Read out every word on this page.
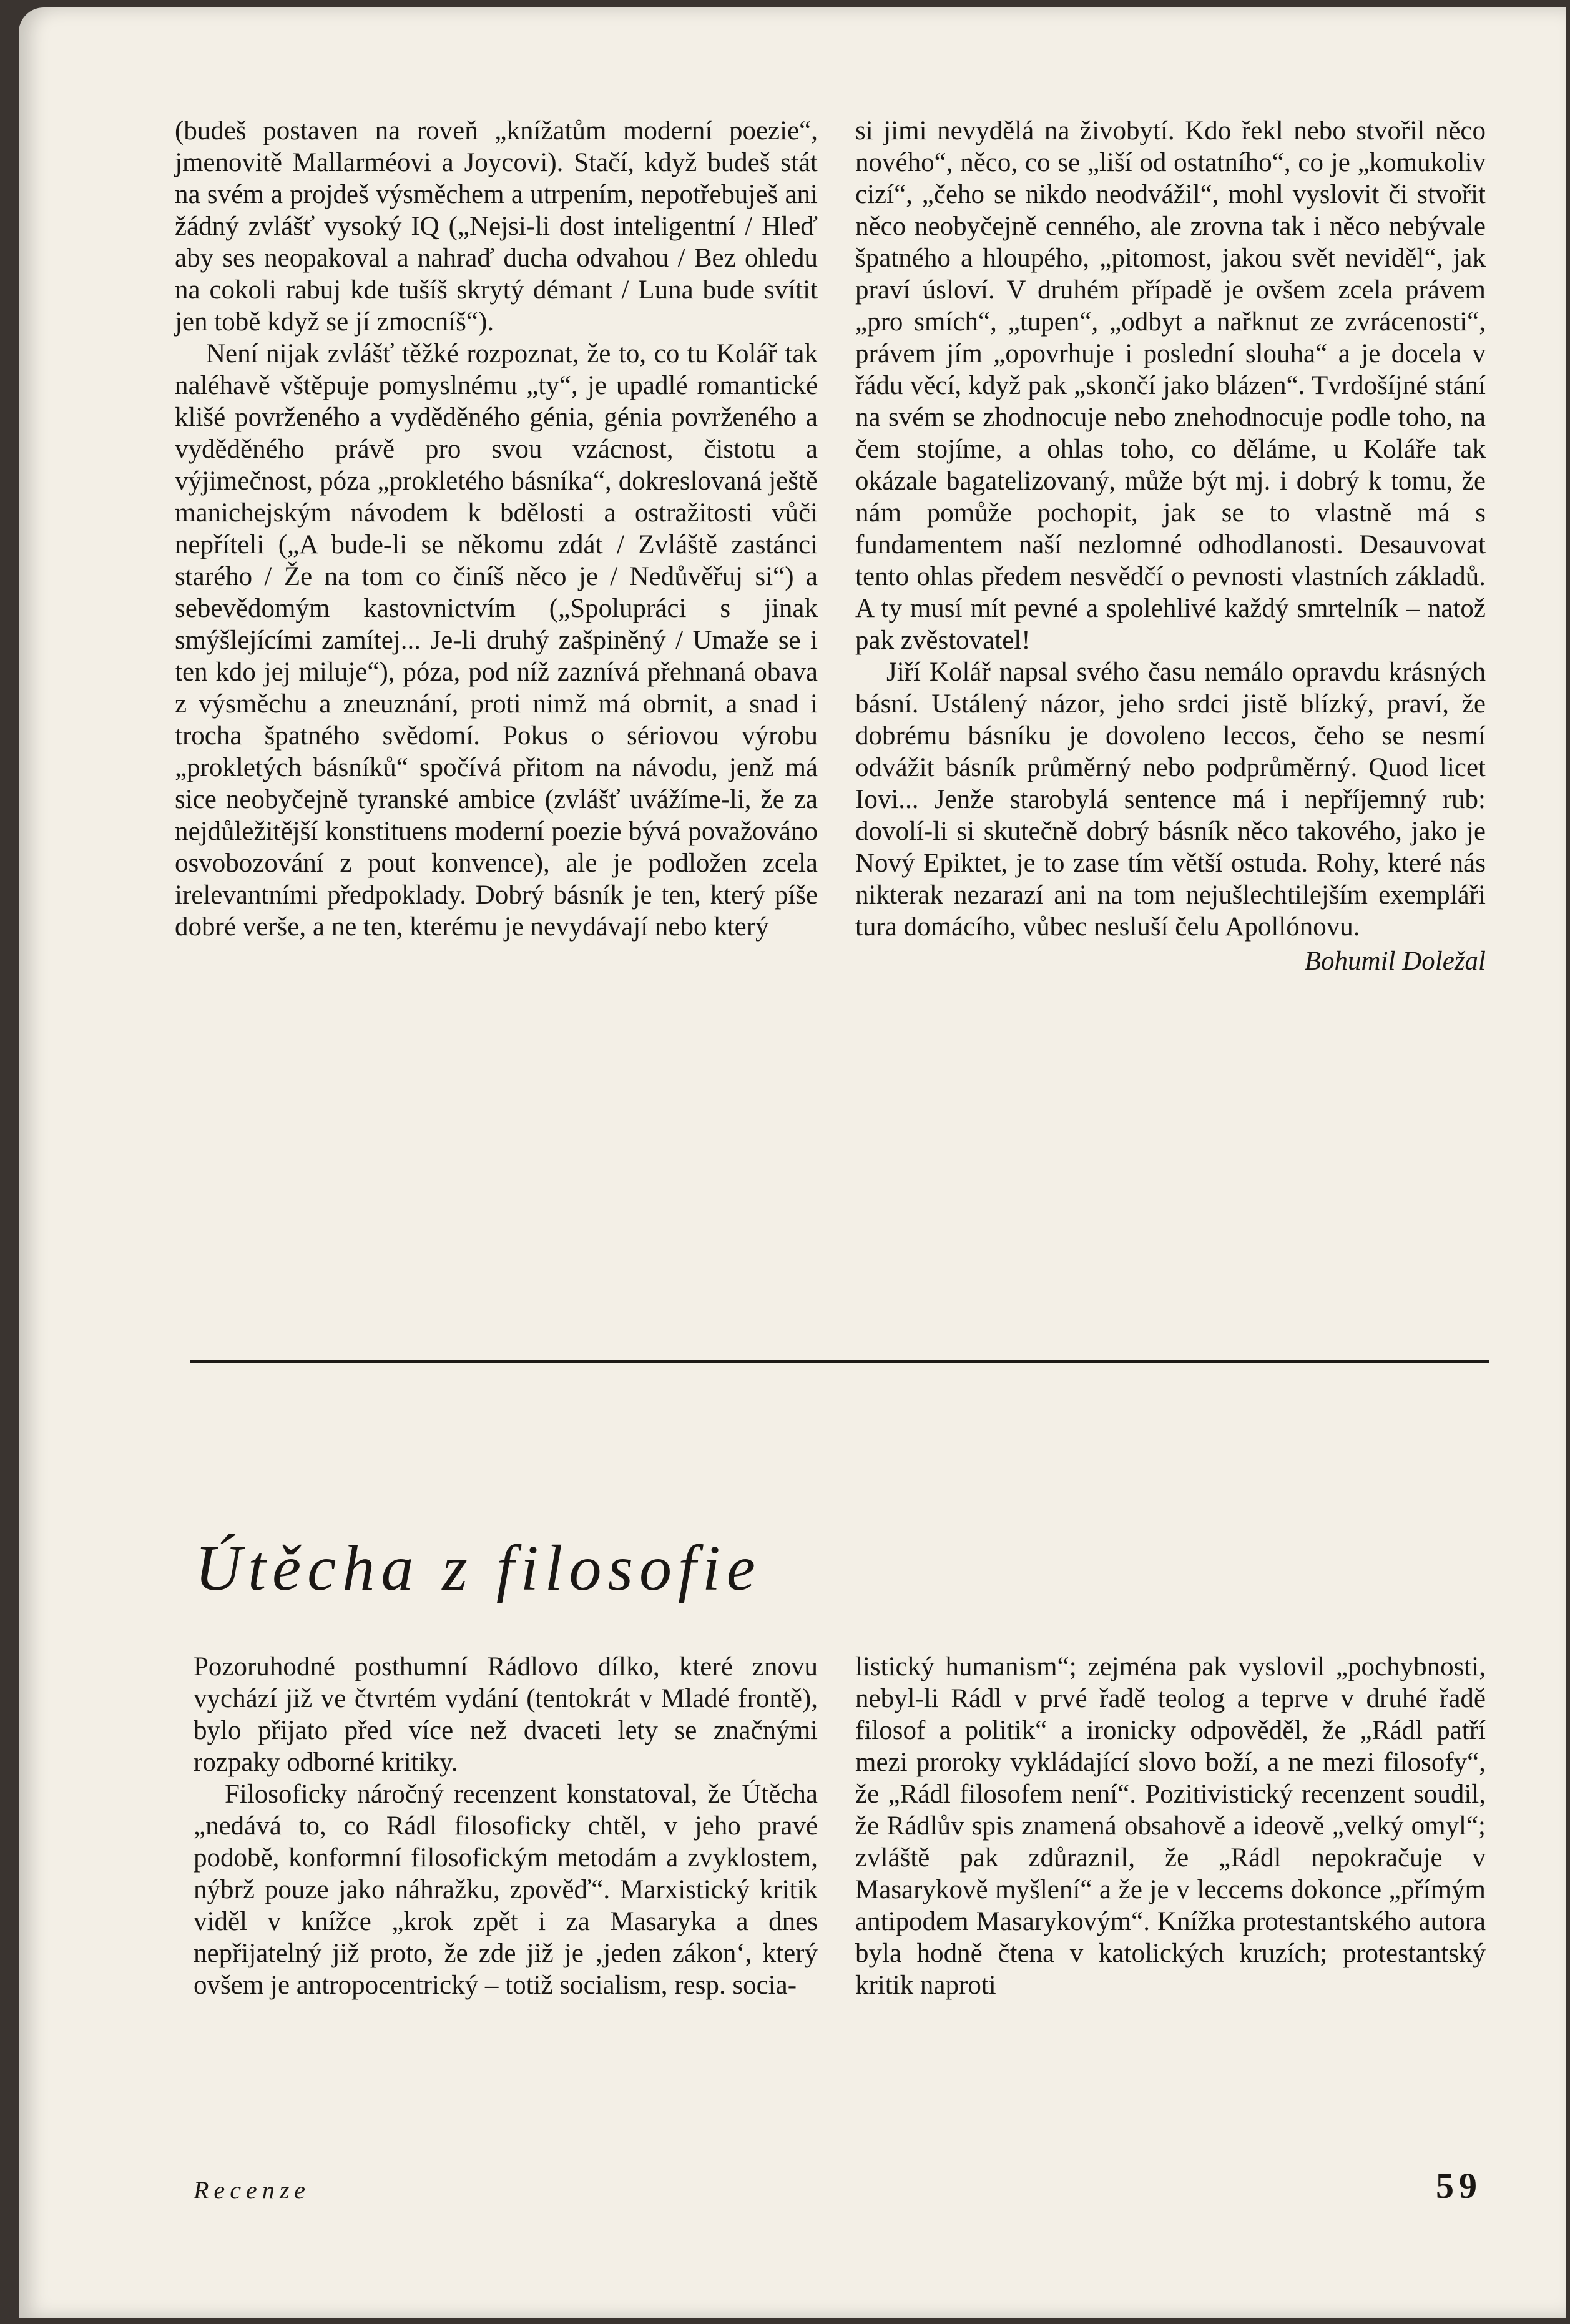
(budeš postaven na roveň „knížatům moderní poezie“, jmenovitě Mallarméovi a Joycovi). Stačí, když budeš stát na svém a projdeš výsměchem a utrpením, nepotřebuješ ani žádný zvlášť vysoký IQ („Nejsi-li dost inteligentní / Hleď aby ses neopakoval a nahraď ducha odvahou / Bez ohledu na cokoli rabuj kde tušíš skrytý démant / Luna bude svítit jen tobě když se jí zmocníš“).

Není nijak zvlášť těžké rozpoznat, že to, co tu Kolář tak naléhavě vštěpuje pomyslnému „ty“, je upadlé romantické klišé povrženého a vyděděného génia, génia povrženého a vyděděného právě pro svou vzácnost, čistotu a výjimečnost, póza „prokletého básníka“, dokreslovaná ještě manichejským návodem k bdělosti a ostražitosti vůči nepříteli („A bude-li se někomu zdát / Zvláště zastánci starého / Že na tom co činíš něco je / Nedůvěřuj si“) a sebevědomým kastovnictvím („Spolupráci s jinak smýšlejícími zamítej... Je-li druhý zašpiněný / Umaže se i ten kdo jej miluje“), póza, pod níž zaznívá přehnaná obava z výsměchu a zneuznání, proti nimž má obrnit, a snad i trocha špatného svědomí. Pokus o sériovou výrobu „prokletých básníků“ spočívá přitom na návodu, jenž má sice neobyčejně tyranské ambice (zvlášť uvážíme-li, že za nejdůležitější konstituens moderní poezie bývá považováno osvobozování z pout konvence), ale je podložen zcela irelevantními předpoklady. Dobrý básník je ten, který píše dobré verše, a ne ten, kterému je nevydávají nebo který

si jimi nevydělá na živobytí. Kdo řekl nebo stvořil něco nového“, něco, co se „liší od ostatního“, co je „komukoliv cizí“, „čeho se nikdo neodvážil“, mohl vyslovit či stvořit něco neobyčejně cenného, ale zrovna tak i něco nebývale špatného a hloupého, „pitomost, jakou svět neviděl“, jak praví úsloví. V druhém případě je ovšem zcela právem „pro smích“, „tupen“, „odbyt a nařknut ze zvrácenosti“, právem jím „opovrhuje i poslední slouha“ a je docela v řádu věcí, když pak „skončí jako blázen“. Tvrdošíjné stání na svém se zhodnocuje nebo znehodnocuje podle toho, na čem stojíme, a ohlas toho, co děláme, u Koláře tak okázale bagatelizovaný, může být mj. i dobrý k tomu, že nám pomůže pochopit, jak se to vlastně má s fundamentem naší nezlomné odhodlanosti. Desauvovat tento ohlas předem nesvědčí o pevnosti vlastních základů. A ty musí mít pevné a spolehlivé každý smrtelník – natož pak zvěstovatel!

Jiří Kolář napsal svého času nemálo opravdu krásných básní. Ustálený názor, jeho srdci jistě blízký, praví, že dobrému básníku je dovoleno leccos, čeho se nesmí odvážit básník průměrný nebo podprůměrný. Quod licet Iovi... Jenže starobylá sentence má i nepříjemný rub: dovolí-li si skutečně dobrý básník něco takového, jako je Nový Epiktet, je to zase tím větší ostuda. Rohy, které nás nikterak nezarazí ani na tom nejušlechtilejším exempláři tura domácího, vůbec nesluší čelu Apollónovu.

Bohumil Doležal
Útěcha z filosofie

Pozoruhodné posthumní Rádlovo dílko, které znovu vychází již ve čtvrtém vydání (tentokrát v Mladé frontě), bylo přijato před více než dvaceti lety se značnými rozpaky odborné kritiky.

Filosoficky náročný recenzent konstatoval, že Útěcha „nedává to, co Rádl filosoficky chtěl, v jeho pravé podobě, konformní filosofickým metodám a zvyklostem, nýbrž pouze jako náhražku, zpověď“. Marxistický kritik viděl v knížce „krok zpět i za Masaryka a dnes nepřijatelný již proto, že zde již je ‚jeden zákon‘, který ovšem je antropocentrický – totiž socialism, resp. socia-

listický humanism“; zejména pak vyslovil „pochybnosti, nebyl-li Rádl v prvé řadě teolog a teprve v druhé řadě filosof a politik“ a ironicky odpověděl, že „Rádl patří mezi proroky vykládající slovo boží, a ne mezi filosofy“, že „Rádl filosofem není“. Pozitivistický recenzent soudil, že Rádlův spis znamená obsahově a ideově „velký omyl“; zvláště pak zdůraznil, že „Rádl nepokračuje v Masarykově myšlení“ a že je v leccems dokonce „přímým antipodem Masarykovým“. Knížka protestantského autora byla hodně čtena v katolických kruzích; protestantský kritik naproti

Recenze	59
